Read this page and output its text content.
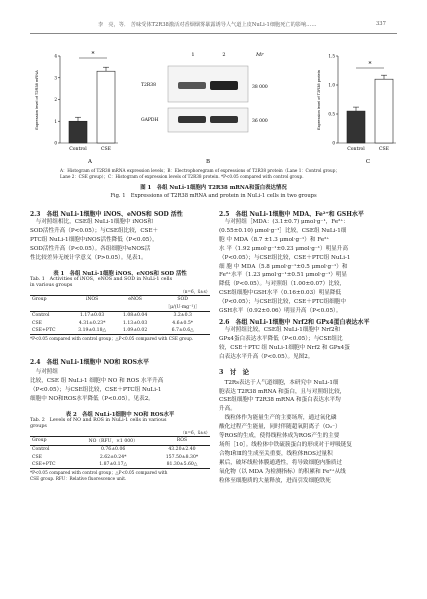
李　亮，等． 苦味受体T2R38激活对香烟烟雾暴露诱导人气道上皮NuLi-1细胞死亡的影响……	337
Expression level of T2R38 mRNA
4
3
2
1
0
Control	CSE
*
A
1	2	Mr
T2R38	38 000
GAPDH	36 000
B
Expression level of T2R38 protein
1.5
1.0
0.5
0
Control	CSE
*
C
A：Histogram of T2R38 mRNA expression levels；B：Electrophoregram of expressions of T2R38 protein（Lane 1：Control group；
Lane 2：CSE group）；C：Histogram of expression levels of T2R38 protein. *P<0.05 compared with control group.
图 1　各组 NuLi-1细胞内 T2R38 mRNA和蛋白表达情况
Fig. 1　Expressions of T2R38 mRNA and protein in NuLi-1 cells in two groups
2.3　各组 NuLi-1细胞中 iNOS、eNOS和 SOD 活性
　与对照组相比，CSE组 NuLi-1细胞中 iNOS和
SOD活性升高（P<0.05）；与CSE组比较，CSE＋
PTC组 NuLi-1细胞中iNOS活性降低（P<0.05），
SOD活性升高（P<0.05）。各组细胞中eNOS活
性比较差异无统计学意义（P>0.05）。见表1。
表 1　各组 NuLi-1细胞 iNOS、eNOS和 SOD 活性
Tab. 1　Activities of iNOS，eNOS and SOD in NuLi-1 cells
in various groups
（n=6，x̄±s）
Group	iNOS	eNOS	SOD
			［μ/(U·mg⁻¹)］
Control	1.17±0.03	1.08±0.04	3.2±0.3
CSE	4.31±0.23*	1.13±0.03	4.6±0.5*
CSE+PTC	3.19±0.18△	1.09±0.02	6.7±0.6△
*P<0.05 compared with control group；△P<0.05 compared with CSE group.
2.4　各组 NuLi-1细胞中 NO和 ROS水平
　与对照组
比较，CSE 组 NuLi-1 细胞中 NO 和 ROS 水平升高
（P<0.05）；与CSE组比较，CSE＋PTC组 NuLi-1
细胞中 NO和ROS水平降低（P<0.05）。见表2。
表 2　各组 NuLi-1细胞中 NO和 ROS水平
Tab. 2　Levels of NO and ROS in NuLi-1 cells in various
groups
（n=6，x̄±s）
Group	NO（RFU，×1 000）	ROS
Control	0.76±0.06	43.20±2.40
CSE	2.62±0.24*	157.50±8.30*
CSE+PTC	1.87±0.17△	81.30±5.60△
*P<0.05 compared with control group；△P<0.05 compared with
CSE group. RFU：Relative fluorescence unit.
2.5　各组 NuLi-1细胞中 MDA、Fe²⁺和 GSH水平
　与对照组［MDA：(3.1±0.7) μmol·g⁻¹，Fe²⁺：
(0.55±0.10) μmol·g⁻¹］比较，CSE组 NuLi-1细
胞 中 MDA（8.7 ±1.3 μmol·g⁻¹）和 Fe²⁺
水 平（1.92 μmol·g⁻¹±0.23 μmol·g⁻¹）明显升高
（P<0.05）；与CSE组比较，CSE＋PTC组 NuLi-1
细 胞 中 MDA（5.8 μmol·g⁻¹±0.5 μmol·g⁻¹）和
Fe²⁺水平（1.23 μmol·g⁻¹±0.51 μmol·g⁻¹）明显
降低（P<0.05）。与对照组（1.00±0.07）比较，
CSE组细胞中GSH水平（0.16±0.03）明显降低
（P<0.05）；与CSE组比较，CSE＋PTC组细胞中
GSH水平（0.92±0.06）明显升高（P<0.05）。
2.6　各组 NuLi-1细胞中 Nrf2和 GPx4蛋白表达水平
　与对照组比较，CSE组 NuLi-1细胞中 Nrf2和
GPx4蛋白表达水平降低（P<0.05）；与CSE组比
较，CSE＋PTC 组 NuLi-1细胞中 Nrf2 和 GPx4蛋
白表达水平升高（P<0.05）。见图2。
3　讨　论
　T2Rs表达于人气道细胞，本研究中 NuLi-1细
胞表达 T2R38 mRNA 和蛋白，且与对照组比较，
CSE组细胞中 T2R38 mRNA 和蛋白表达水平均
升高。
　线粒体作为能量生产的主要场所，通过氧化磷
酸化过程产生能量，同时伴随超氧阴离子（O₂⁻）
等ROS的生成，使得线粒体成为ROS产生的主要
场所［10］。线粒体中铁硫簇蛋白的形成对于呼吸链复
合物Ⅰ和Ⅱ的生成至关重要，线粒体ROS过量积
累后，破坏线粒体膜通透性，将导致细胞内脂质过
氧化物（以 MDA 为检测指标）的积累和 Fe²⁺从线
粒体至细胞质的大量释放，进而引发细胞铁死
